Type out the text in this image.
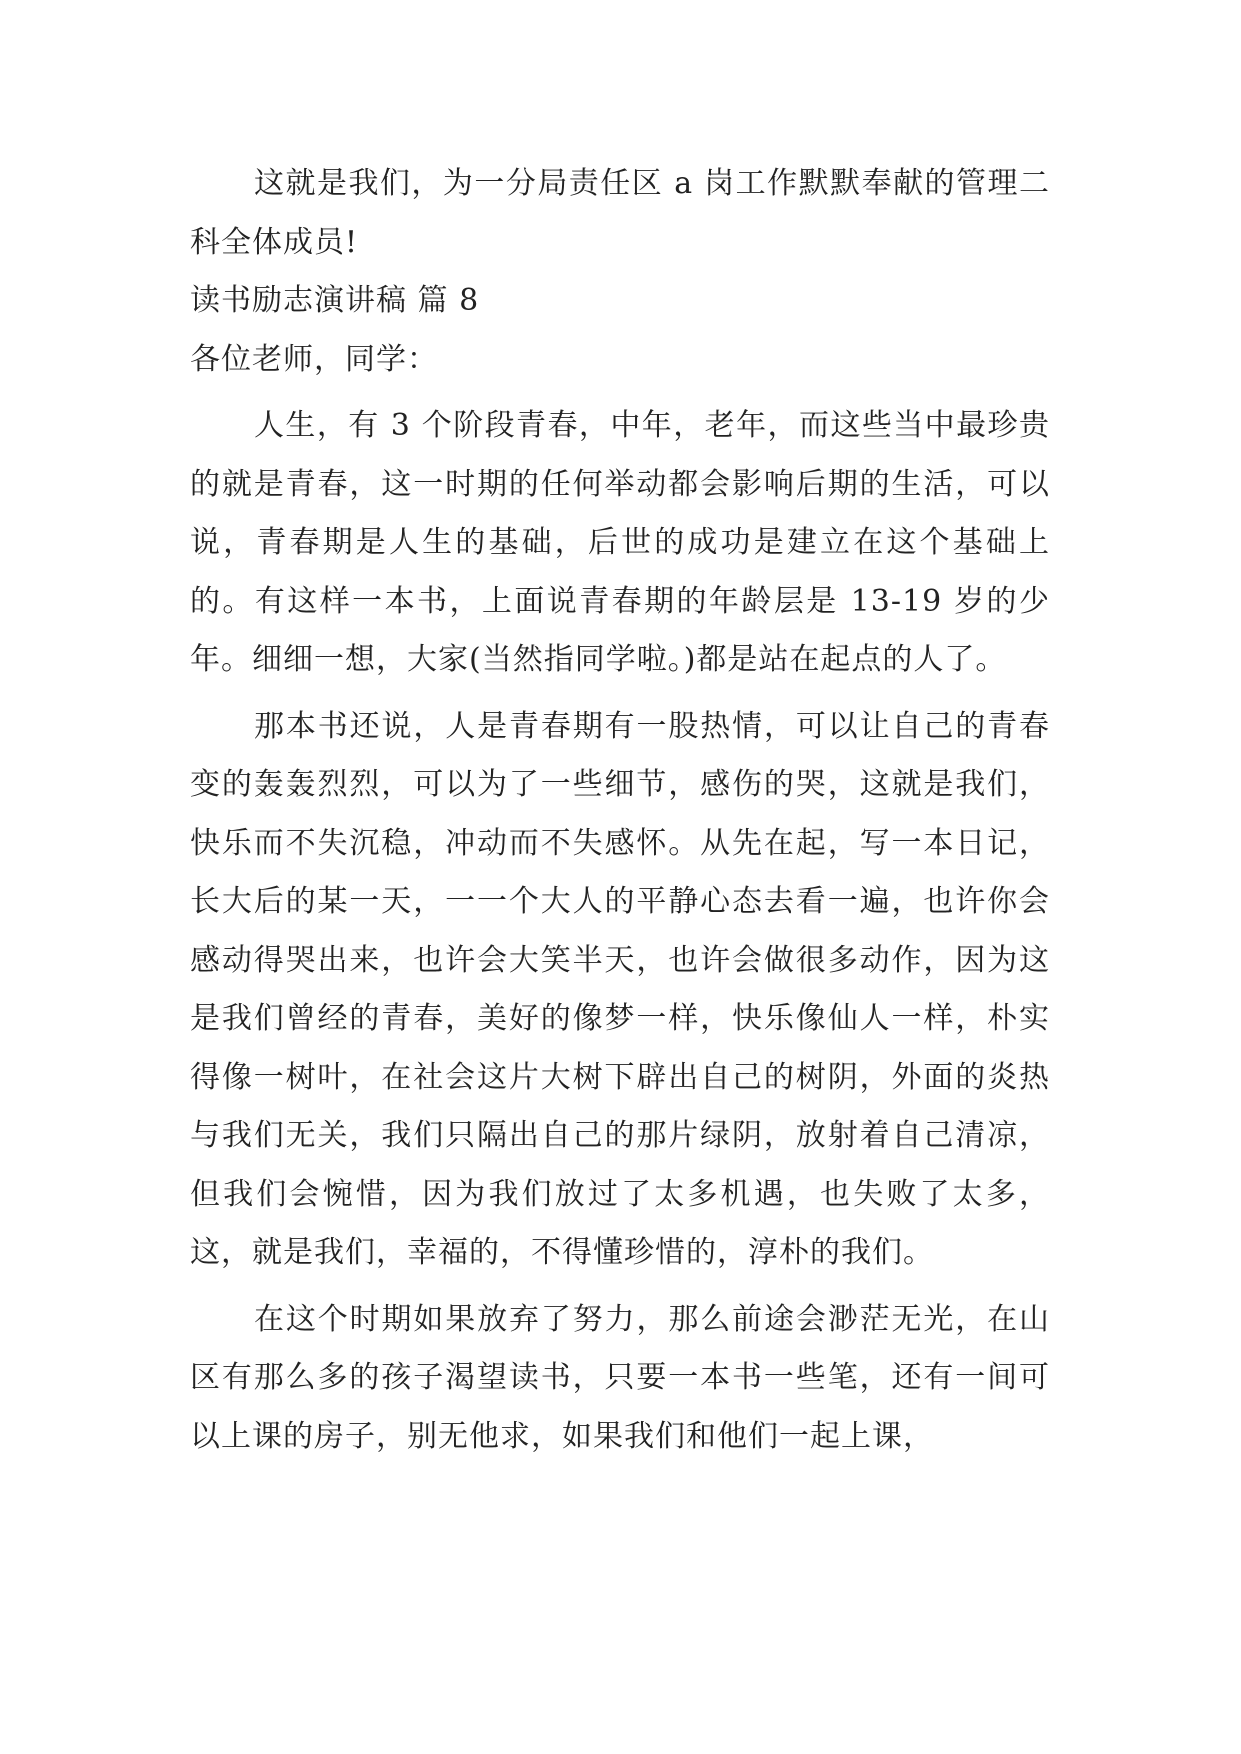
这就是我们，为一分局责任区 a 岗工作默默奉献的管理二科全体成员!

读书励志演讲稿 篇 8

各位老师，同学：

人生，有 3 个阶段青春，中年，老年，而这些当中最珍贵的就是青春，这一时期的任何举动都会影响后期的生活，可以说，青春期是人生的基础，后世的成功是建立在这个基础上的。有这样一本书，上面说青春期的年龄层是 13-19 岁的少年。细细一想，大家(当然指同学啦。)都是站在起点的人了。

那本书还说，人是青春期有一股热情，可以让自己的青春变的轰轰烈烈，可以为了一些细节，感伤的哭，这就是我们，快乐而不失沉稳，冲动而不失感怀。从先在起，写一本日记，长大后的某一天，一一个大人的平静心态去看一遍，也许你会感动得哭出来，也许会大笑半天，也许会做很多动作，因为这是我们曾经的青春，美好的像梦一样，快乐像仙人一样，朴实得像一树叶，在社会这片大树下辟出自己的树阴，外面的炎热与我们无关，我们只隔出自己的那片绿阴，放射着自己清凉，但我们会惋惜，因为我们放过了太多机遇，也失败了太多，这，就是我们，幸福的，不得懂珍惜的，淳朴的我们。

在这个时期如果放弃了努力，那么前途会渺茫无光，在山区有那么多的孩子渴望读书，只要一本书一些笔，还有一间可以上课的房子，别无他求，如果我们和他们一起上课，
